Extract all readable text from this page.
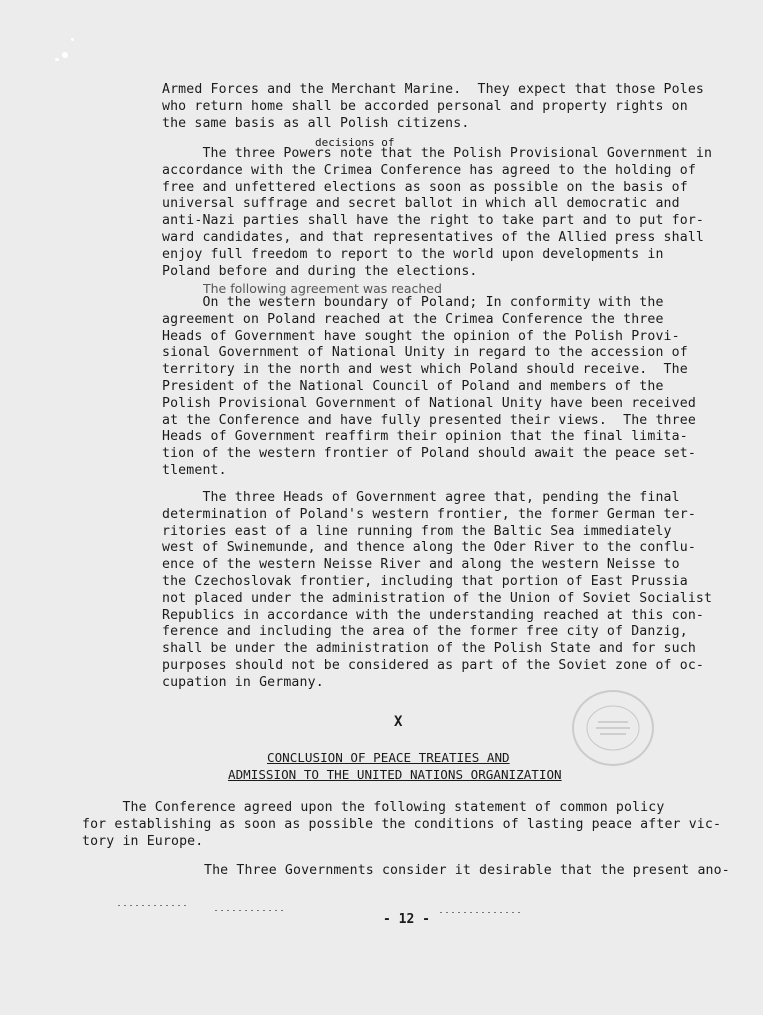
Armed Forces and the Merchant Marine.  They expect that those Poles
who return home shall be accorded personal and property rights on
the same basis as all Polish citizens.
decisions of
The three Powers note that the Polish Provisional Government in
accordance with the Crimea Conference has agreed to the holding of
free and unfettered elections as soon as possible on the basis of
universal suffrage and secret ballot in which all democratic and
anti-Nazi parties shall have the right to take part and to put for-
ward candidates, and that representatives of the Allied press shall
enjoy full freedom to report to the world upon developments in
Poland before and during the elections.
The following agreement was reached
On the western boundary of Poland; In conformity with the
agreement on Poland reached at the Crimea Conference the three
Heads of Government have sought the opinion of the Polish Provi-
sional Government of National Unity in regard to the accession of
territory in the north and west which Poland should receive.  The
President of the National Council of Poland and members of the
Polish Provisional Government of National Unity have been received
at the Conference and have fully presented their views.  The three
Heads of Government reaffirm their opinion that the final limita-
tion of the western frontier of Poland should await the peace set-
tlement.
The three Heads of Government agree that, pending the final
determination of Poland's western frontier, the former German ter-
ritories east of a line running from the Baltic Sea immediately
west of Swinemunde, and thence along the Oder River to the conflu-
ence of the western Neisse River and along the western Neisse to
the Czechoslovak frontier, including that portion of East Prussia
not placed under the administration of the Union of Soviet Socialist
Republics in accordance with the understanding reached at this con-
ference and including the area of the former free city of Danzig,
shall be under the administration of the Polish State and for such
purposes should not be considered as part of the Soviet zone of oc-
cupation in Germany.
X
CONCLUSION OF PEACE TREATIES AND
ADMISSION TO THE UNITED NATIONS ORGANIZATION
The Conference agreed upon the following statement of common policy
for establishing as soon as possible the conditions of lasting peace after vic-
tory in Europe.
The Three Governments consider it desirable that the present ano-
- 12 -
